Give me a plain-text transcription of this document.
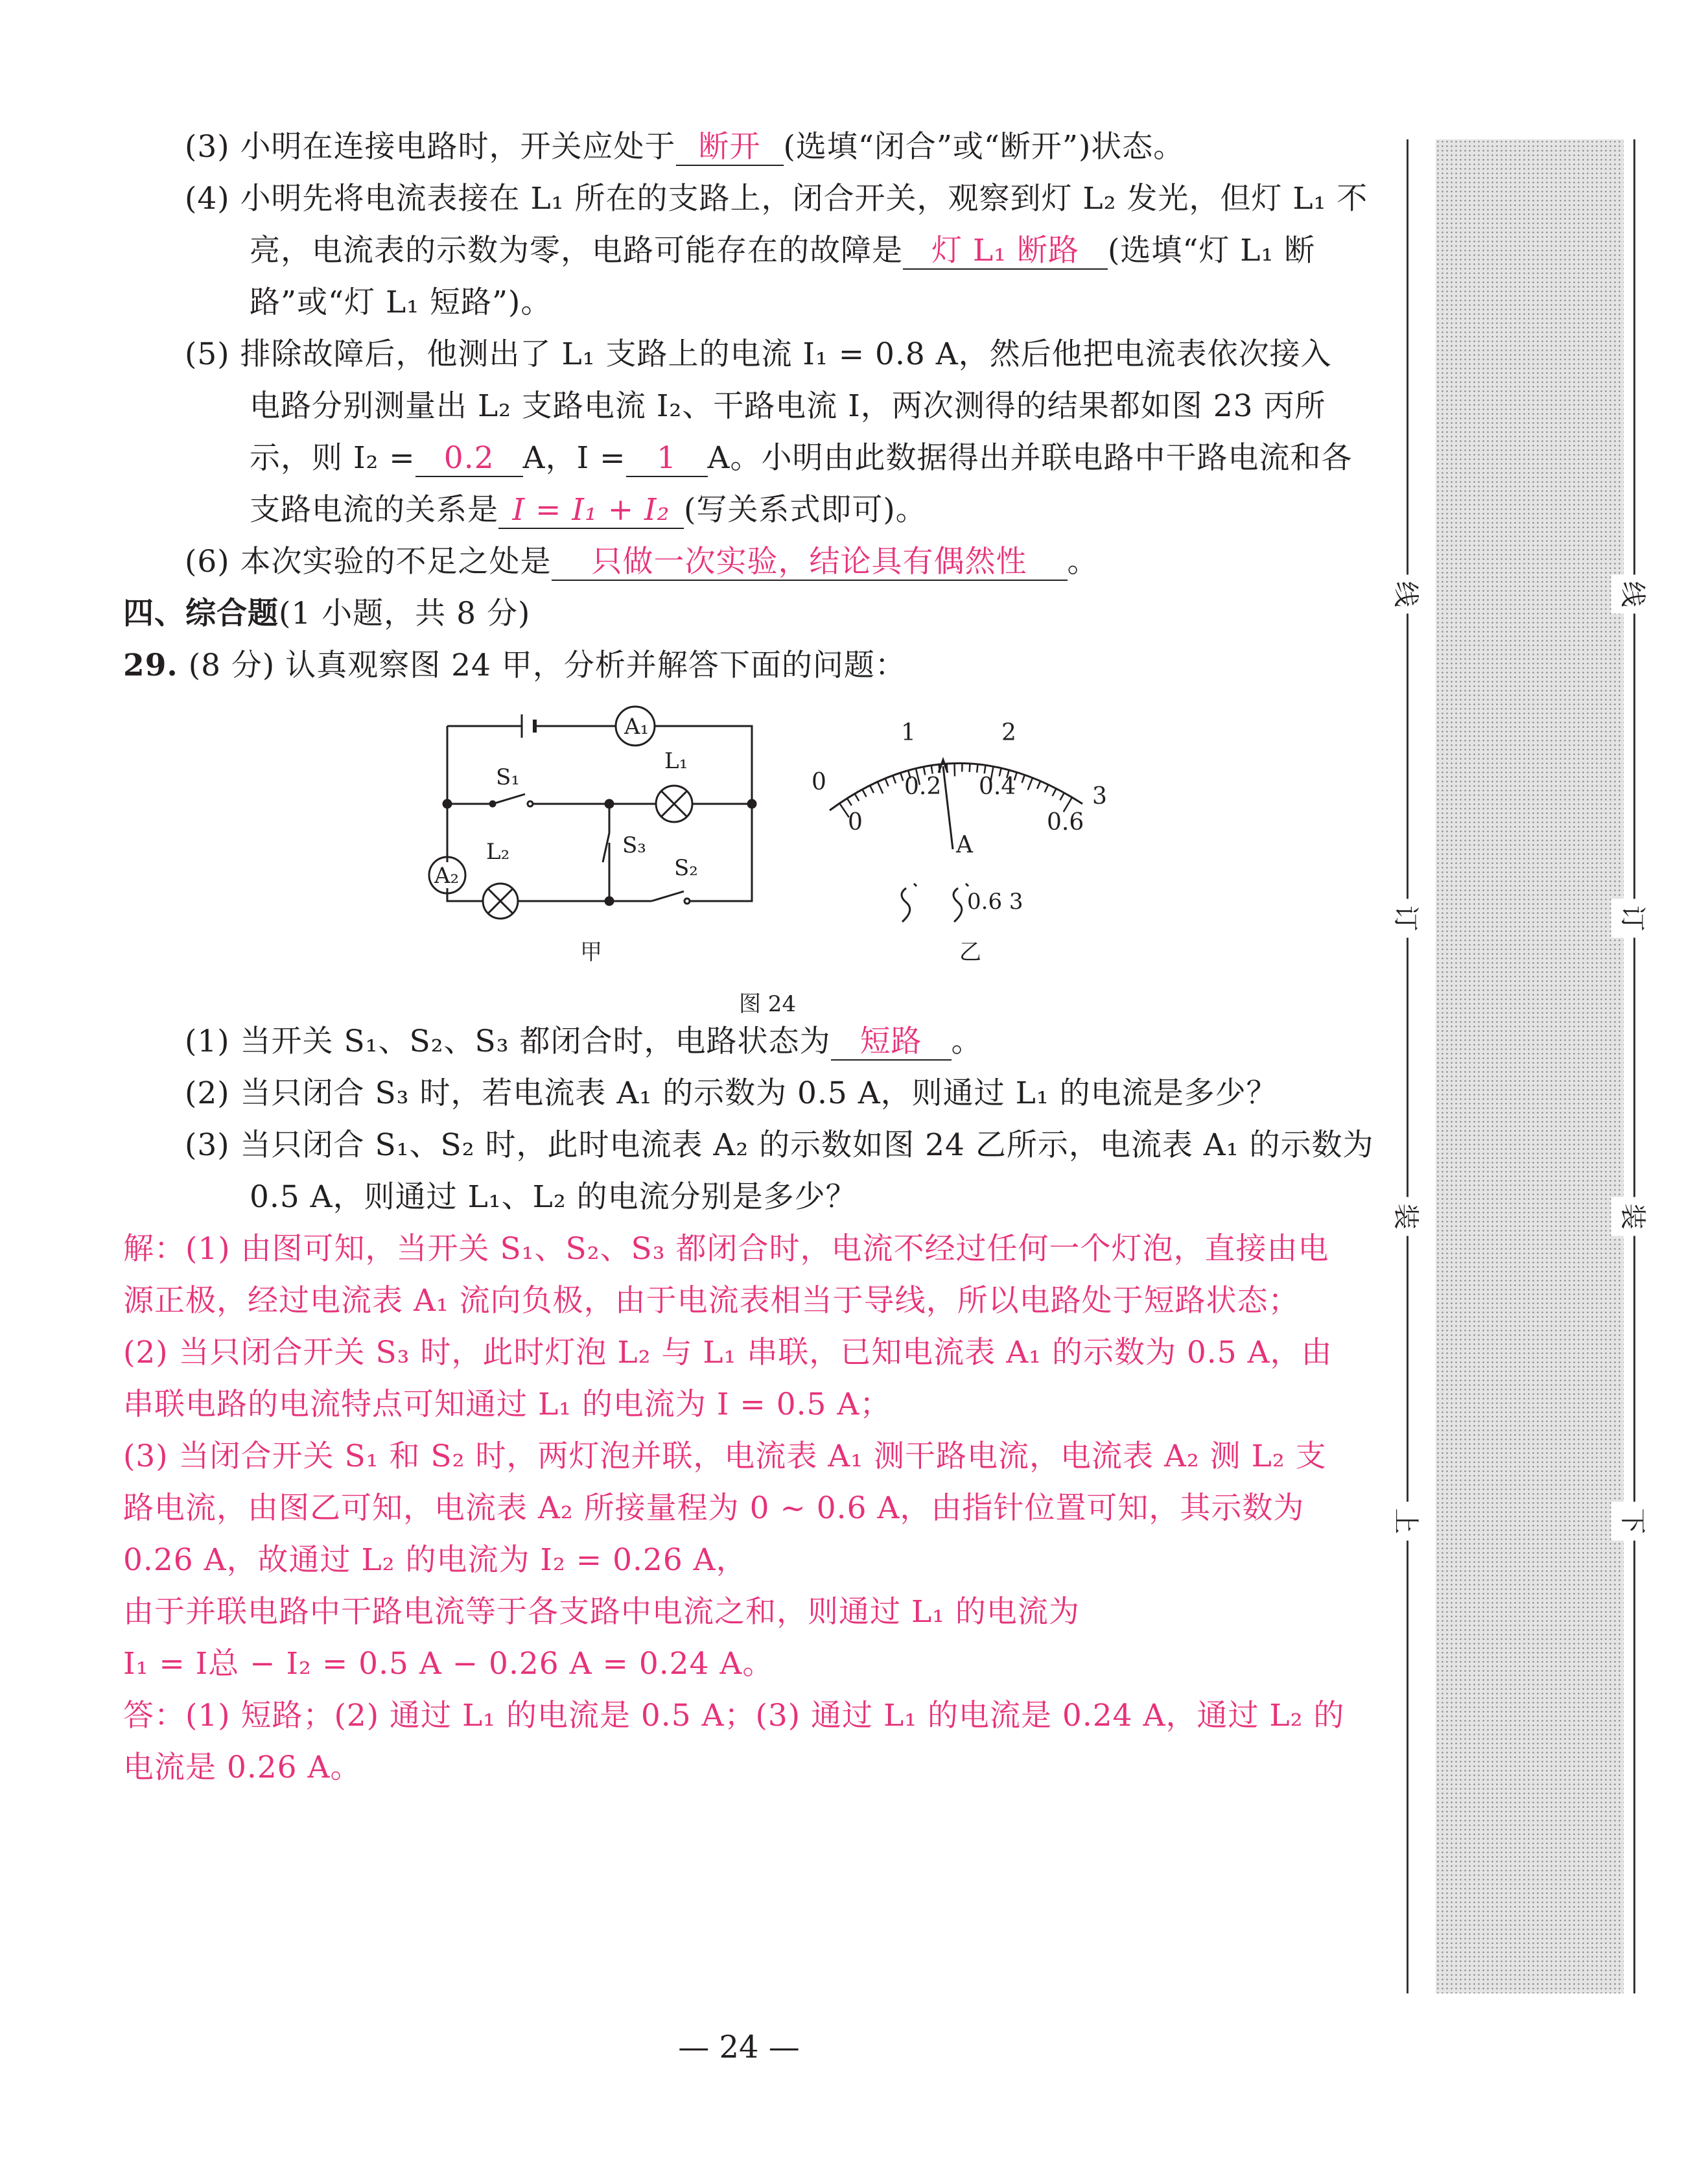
(3) 小明在连接电路时，开关应处于 断开 (选填“闭合”或“断开”)状态。
(4) 小明先将电流表接在 L₁ 所在的支路上，闭合开关，观察到灯 L₂ 发光，但灯 L₁ 不
亮，电流表的示数为零，电路可能存在的故障是 灯 L₁ 断路 (选填“灯 L₁ 断
路”或“灯 L₁ 短路”)。
(5) 排除故障后，他测出了 L₁ 支路上的电流 I₁ = 0.8 A，然后他把电流表依次接入
电路分别测量出 L₂ 支路电流 I₂、干路电流 I，两次测得的结果都如图 23 丙所
示，则 I₂ = 0.2 A，I = 1 A。小明由此数据得出并联电路中干路电流和各
支路电流的关系是 I = I₁ + I₂ (写关系式即可)。
(6) 本次实验的不足之处是 只做一次实验，结论具有偶然性 。
四、综合题(1 小题，共 8 分)
29. (8 分) 认真观察图 24 甲，分析并解答下面的问题：
(1) 当开关 S₁、S₂、S₃ 都闭合时，电路状态为 短路 。
(2) 当只闭合 S₃ 时，若电流表 A₁ 的示数为 0.5 A，则通过 L₁ 的电流是多少？
(3) 当只闭合 S₁、S₂ 时，此时电流表 A₂ 的示数如图 24 乙所示，电流表 A₁ 的示数为
0.5 A，则通过 L₁、L₂ 的电流分别是多少？
解：(1) 由图可知，当开关 S₁、S₂、S₃ 都闭合时，电流不经过任何一个灯泡，直接由电
源正极，经过电流表 A₁ 流向负极，由于电流表相当于导线，所以电路处于短路状态；
(2) 当只闭合开关 S₃ 时，此时灯泡 L₂ 与 L₁ 串联，已知电流表 A₁ 的示数为 0.5 A，由
串联电路的电流特点可知通过 L₁ 的电流为 I = 0.5 A；
(3) 当闭合开关 S₁ 和 S₂ 时，两灯泡并联，电流表 A₁ 测干路电流，电流表 A₂ 测 L₂ 支
路电流，由图乙可知，电流表 A₂ 所接量程为 0 ~ 0.6 A，由指针位置可知，其示数为
0.26 A，故通过 L₂ 的电流为 I₂ = 0.26 A，
由于并联电路中干路电流等于各支路中电流之和，则通过 L₁ 的电流为
I₁ = I总 − I₂ = 0.5 A − 0.26 A = 0.24 A。
答：(1) 短路；(2) 通过 L₁ 的电流是 0.5 A；(3) 通过 L₁ 的电流是 0.24 A，通过 L₂ 的
电流是 0.26 A。
A₁
A₂
L₁
L₂
S₁
S₃
S₂
甲	乙
图 24
0
1	2
3
0
0.2 0.4
0.6
A
0.6 3
线
订
装
上
线
订
装
下
— 24 —
